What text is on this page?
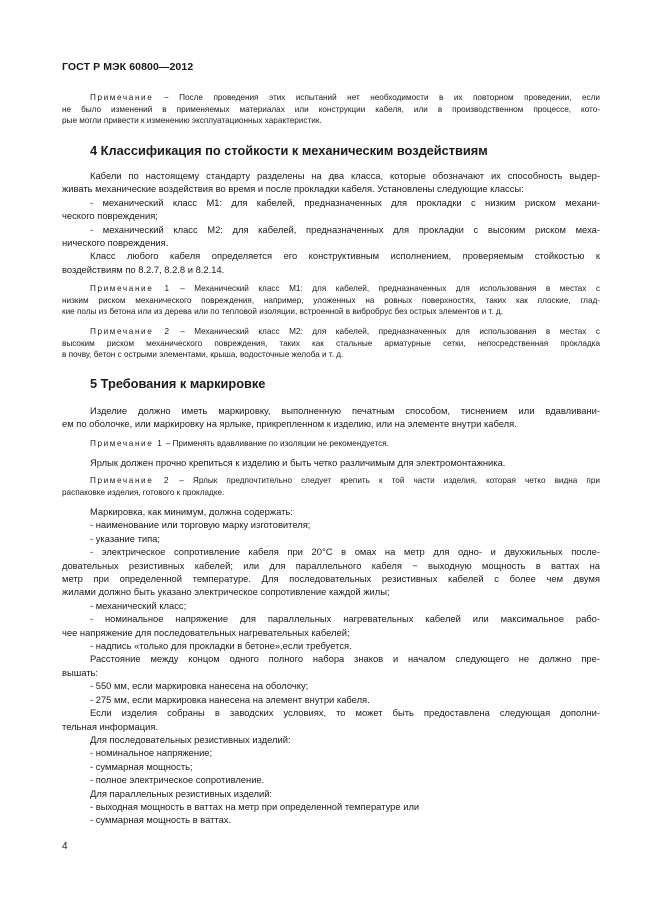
ГОСТ Р МЭК 60800—2012
Примечание − После проведения этих испытаний нет необходимости в их повторном проведении, если
не было изменений в применяемых материалах или конструкции кабеля, или в производственном процессе, кото-
рые могли привести к изменению эксплуатационных характеристик.
4 Классификация по стойкости к механическим воздействиям
Кабели по настоящему стандарту разделены на два класса, которые обозначают их способность выдер-
живать механические воздействия во время и после прокладки кабеля. Установлены следующие классы:
- механический класс М1: для кабелей, предназначенных для прокладки с низким риском механи-
ческого повреждения;
- механический класс М2: для кабелей, предназначенных для прокладки с высоким риском меха-
нического повреждения.
Класс любого кабеля определяется его конструктивным исполнением, проверяемым стойкостью к
воздействиям по 8.2.7, 8.2.8 и 8.2.14.
Примечание 1 – Механический класс М1: для кабелей, предназначенных для использования в местах с
низким риском механического повреждения, например, уложенных на ровных поверхностях, таких как плоские, глад-
кие полы из бетона или из дерева или по тепловой изоляции, встроенной в вибробрус без острых элементов и т. д.
Примечание 2 – Механический класс М2: для кабелей, предназначенных для использования в местах с
высоким риском механического повреждения, таких как стальные арматурные сетки, непосредственная прокладка
в почву, бетон с острыми элементами, крыша, водосточные желоба и т. д.
5 Требования к маркировке
Изделие должно иметь маркировку, выполненную печатным способом, тиснением или вдавливани-
ем по оболочке, или маркировку на ярлыке, прикрепленном к изделию, или на элементе внутри кабеля.
Примечание 1 – Применять вдавливание по изоляции не рекомендуется.
Ярлык должен прочно крепиться к изделию и быть четко различимым для электромонтажника.
Примечание 2 – Ярлык предпочтительно следует крепить к той части изделия, которая четко видна при
распаковке изделия, готового к прокладке.
Маркировка, как минимум, должна содержать:
- наименование или торговую марку изготовителя;
- указание типа;
- электрическое сопротивление кабеля при 20°С в омах на метр для одно- и двухжильных после-
довательных резистивных кабелей; или для параллельного кабеля − выходную мощность в ваттах на
метр при определенной температуре. Для последовательных резистивных кабелей с более чем двумя
жилами должно быть указано электрическое сопротивление каждой жилы;
- механический класс;
- номинальное напряжение для параллельных нагревательных кабелей или максимальное рабо-
чее напряжение для последовательных нагревательных кабелей;
- надпись «только для прокладки в бетоне»,если требуется.
Расстояние между концом одного полного набора знаков и началом следующего не должно пре-
вышать:
- 550 мм, если маркировка нанесена на оболочку;
- 275 мм, если маркировка нанесена на элемент внутри кабеля.
Если изделия собраны в заводских условиях, то может быть предоставлена следующая дополни-
тельная информация.
Для последовательных резистивных изделий:
- номинальное напряжение;
- суммарная мощность;
- полное электрическое сопротивление.
Для параллельных резистивных изделий:
- выходная мощность в ваттах на метр при определенной температуре или
- суммарная мощность в ваттах.
4
